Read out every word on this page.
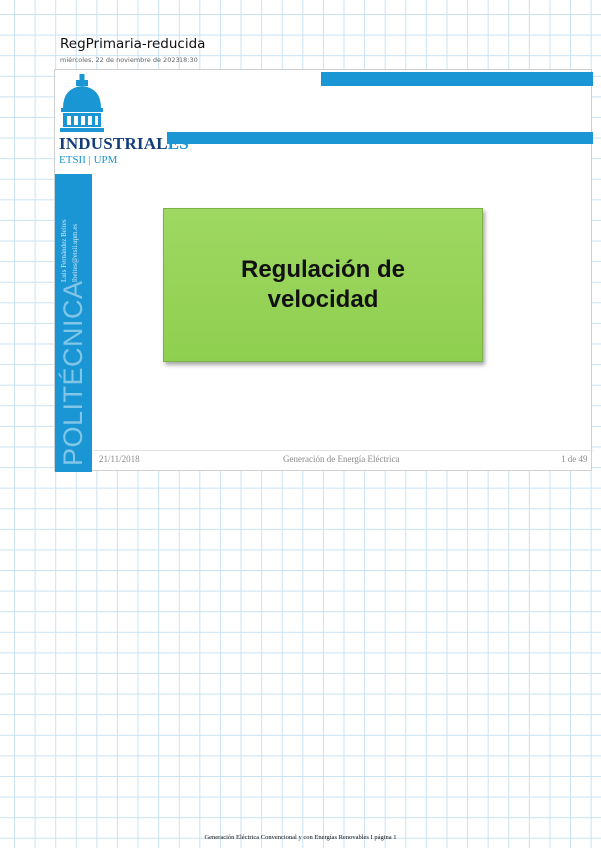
RegPrimaria-reducida
miércoles, 22 de noviembre de 2023 18:30
INDUSTRIALES
ETSII | UPM
Luis Fernández Beites lbeites@etsii.upm.es
POLITÉCNICA
Regulación de
velocidad
21/11/2018	Generación de Energía Eléctrica	1 de 49
Generación Eléctrica Convencional y con Energías Renovables I página 1
